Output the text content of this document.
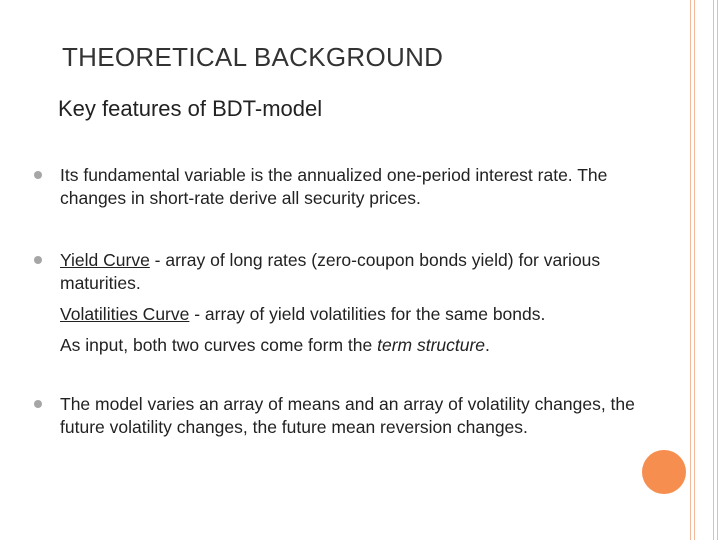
THEORETICAL BACKGROUND
Key features of BDT-model
Its fundamental variable is the annualized one-period interest rate. The changes in short-rate derive all security prices.
Yield Curve - array of long rates (zero-coupon bonds yield) for various maturities.
Volatilities Curve - array of yield volatilities for the same bonds.
As input, both two curves come form the term structure.
The model varies an array of means and an array of volatility changes, the future volatility changes, the future mean reversion changes.
